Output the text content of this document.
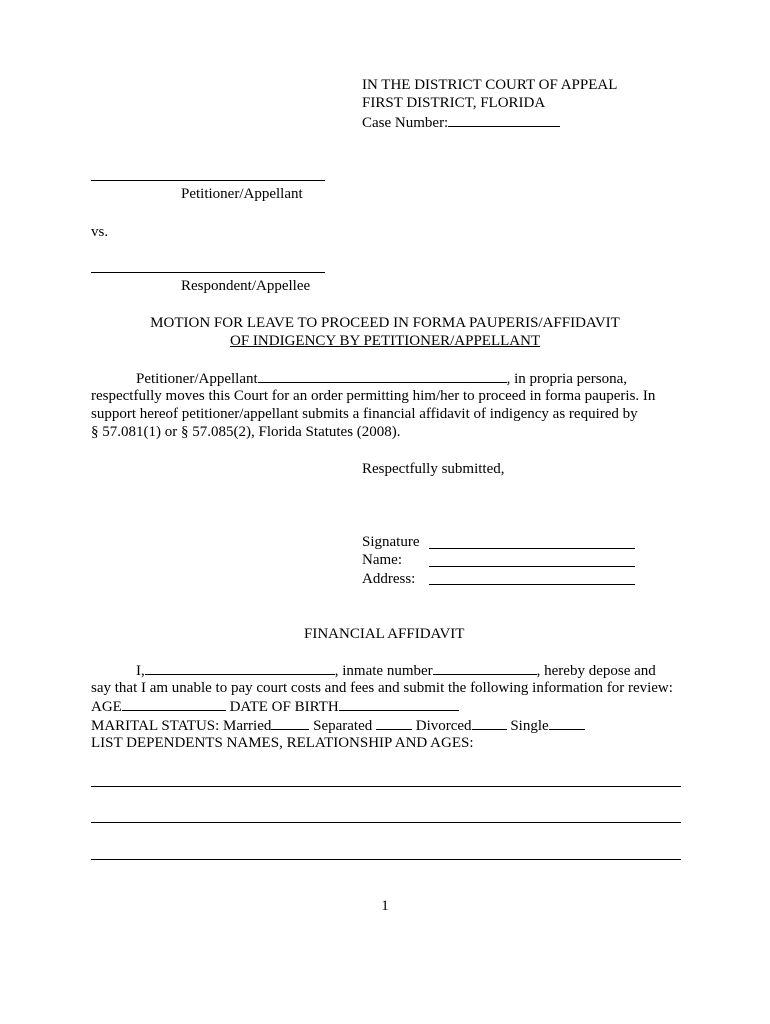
IN THE DISTRICT COURT OF APPEAL
FIRST DISTRICT, FLORIDA
Case Number:
Petitioner/Appellant
vs.
Respondent/Appellee
MOTION FOR LEAVE TO PROCEED IN FORMA PAUPERIS/AFFIDAVIT
OF INDIGENCY BY PETITIONER/APPELLANT
Petitioner/Appellant	, in propria persona,
respectfully moves this Court for an order permitting him/her to proceed in forma pauperis. In
support hereof petitioner/appellant submits a financial affidavit of indigency as required by
§ 57.081(1) or § 57.085(2), Florida Statutes (2008).
Respectfully submitted,
Signature
Name:
Address:
FINANCIAL AFFIDAVIT
I,	, inmate number	, hereby depose and
say that I am unable to pay court costs and fees and submit the following information for review:
AGE	DATE OF BIRTH
MARITAL STATUS: Married	Separated	Divorced	Single
LIST DEPENDENTS NAMES, RELATIONSHIP AND AGES:
1
